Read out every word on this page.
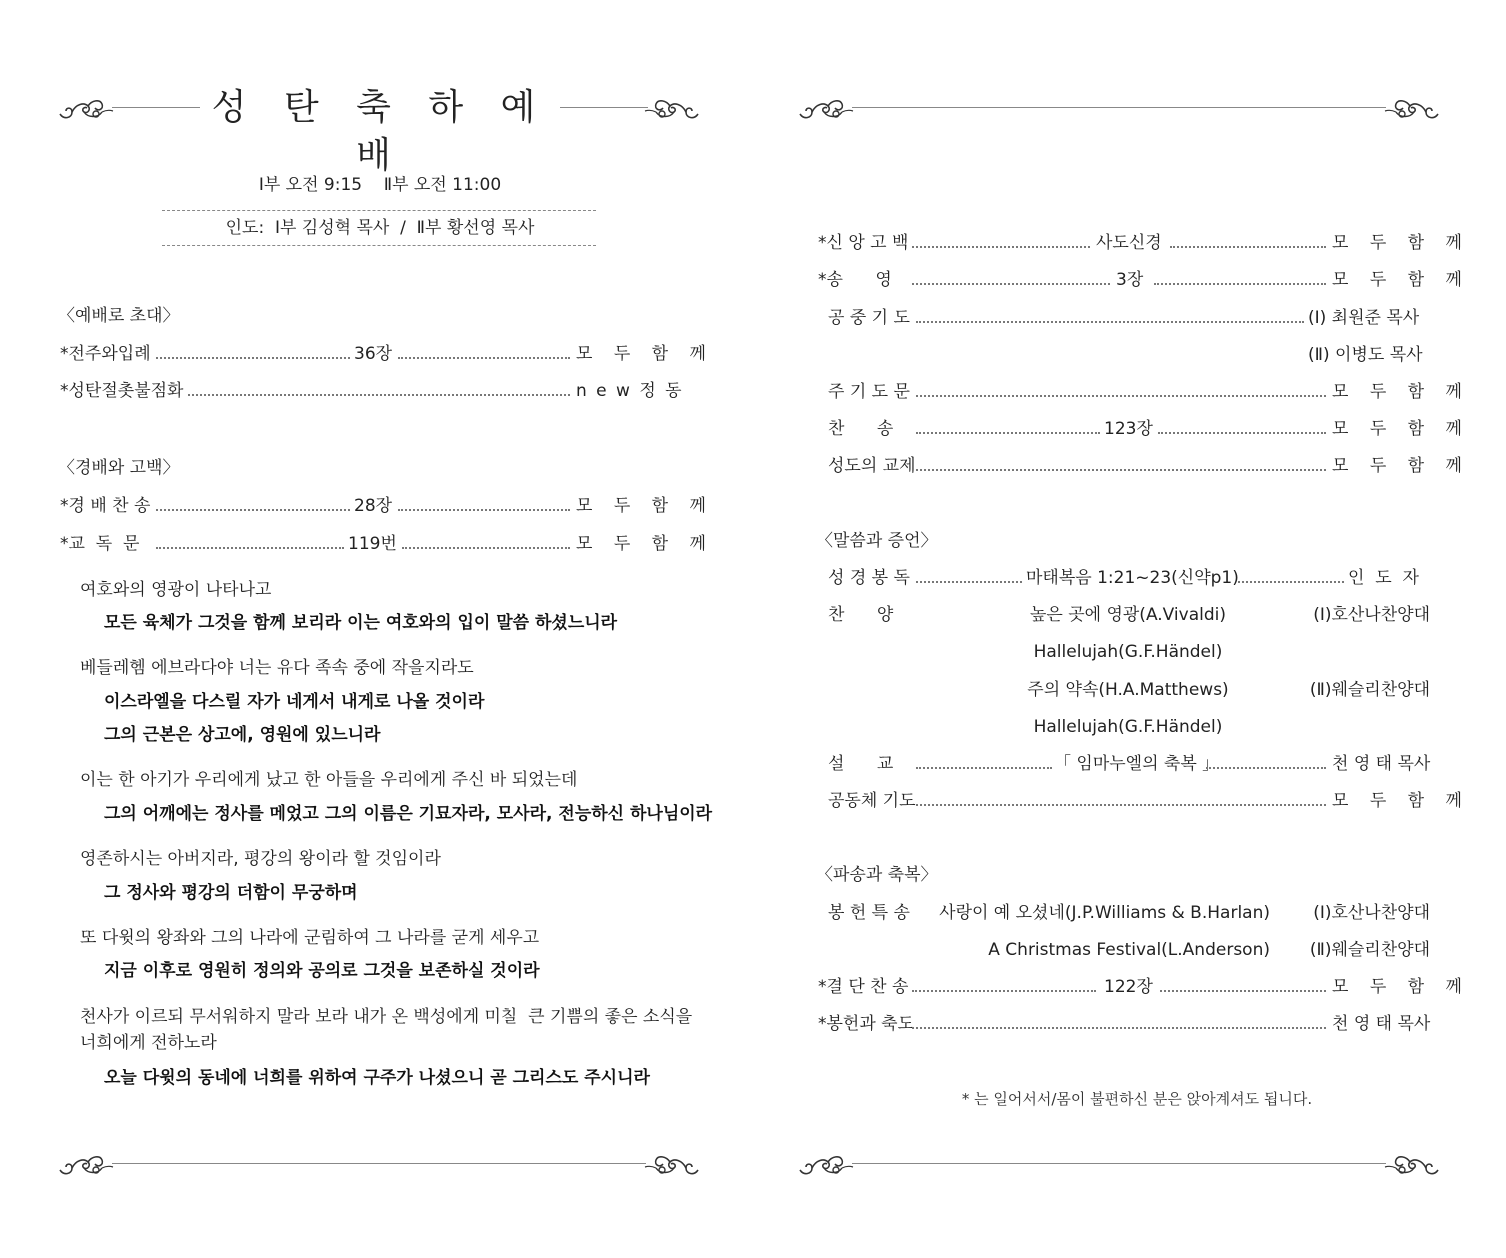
성 탄 축 하 예 배
Ⅰ부 오전 9:15    Ⅱ부 오전 11:00
인도:  Ⅰ부 김성혁 목사  /  Ⅱ부 황선영 목사
〈예배로 초대〉
*전주와입례	36장	모 두 함 께
*성탄절촛불점화	n e w 정 동
〈경배와 고백〉
*경 배 찬 송	28장	모 두 함 께
*교  독  문	119번	모 두 함 께
여호와의 영광이 나타나고
모든 육체가 그것을 함께 보리라 이는 여호와의 입이 말씀 하셨느니라
베들레헴 에브라다야 너는 유다 족속 중에 작을지라도
이스라엘을 다스릴 자가 네게서 내게로 나올 것이라
그의 근본은 상고에, 영원에 있느니라
이는 한 아기가 우리에게 났고 한 아들을 우리에게 주신 바 되었는데
그의 어깨에는 정사를 메었고 그의 이름은 기묘자라, 모사라, 전능하신 하나님이라
영존하시는 아버지라, 평강의 왕이라 할 것임이라
그 정사와 평강의 더함이 무궁하며
또 다윗의 왕좌와 그의 나라에 군림하여 그 나라를 굳게 세우고
지금 이후로 영원히 정의와 공의로 그것을 보존하실 것이라
천사가 이르되 무서워하지 말라 보라 내가 온 백성에게 미칠  큰 기쁨의 좋은 소식을
너희에게 전하노라
오늘 다윗의 동네에 너희를 위하여 구주가 나셨으니 곧 그리스도 주시니라
*신 앙 고 백	사도신경	모 두 함 께
*송      영	3장	모 두 함 께
공 중 기 도	(Ⅰ) 최원준 목사
(Ⅱ) 이병도 목사
주 기 도 문	모 두 함 께
찬      송	123장	모 두 함 께
성도의 교제	모 두 함 께
〈말씀과 증언〉
성 경 봉 독	마태복음 1:21~23(신약p1)	인  도  자
찬      양	높은 곳에 영광(A.Vivaldi)	(Ⅰ)호산나찬양대
Hallelujah(G.F.Händel)
주의 약속(H.A.Matthews)	(Ⅱ)웨슬리찬양대
Hallelujah(G.F.Händel)
설      교	「 임마누엘의 축복 」	천 영 태 목사
공동체 기도	모 두 함 께
〈파송과 축복〉
봉 헌 특 송	사랑이 예 오셨네(J.P.Williams & B.Harlan)	(Ⅰ)호산나찬양대
A Christmas Festival(L.Anderson)	(Ⅱ)웨슬리찬양대
*결 단 찬 송	122장	모 두 함 께
*봉헌과 축도	천 영 태 목사
* 는 일어서서/몸이 불편하신 분은 앉아계셔도 됩니다.
